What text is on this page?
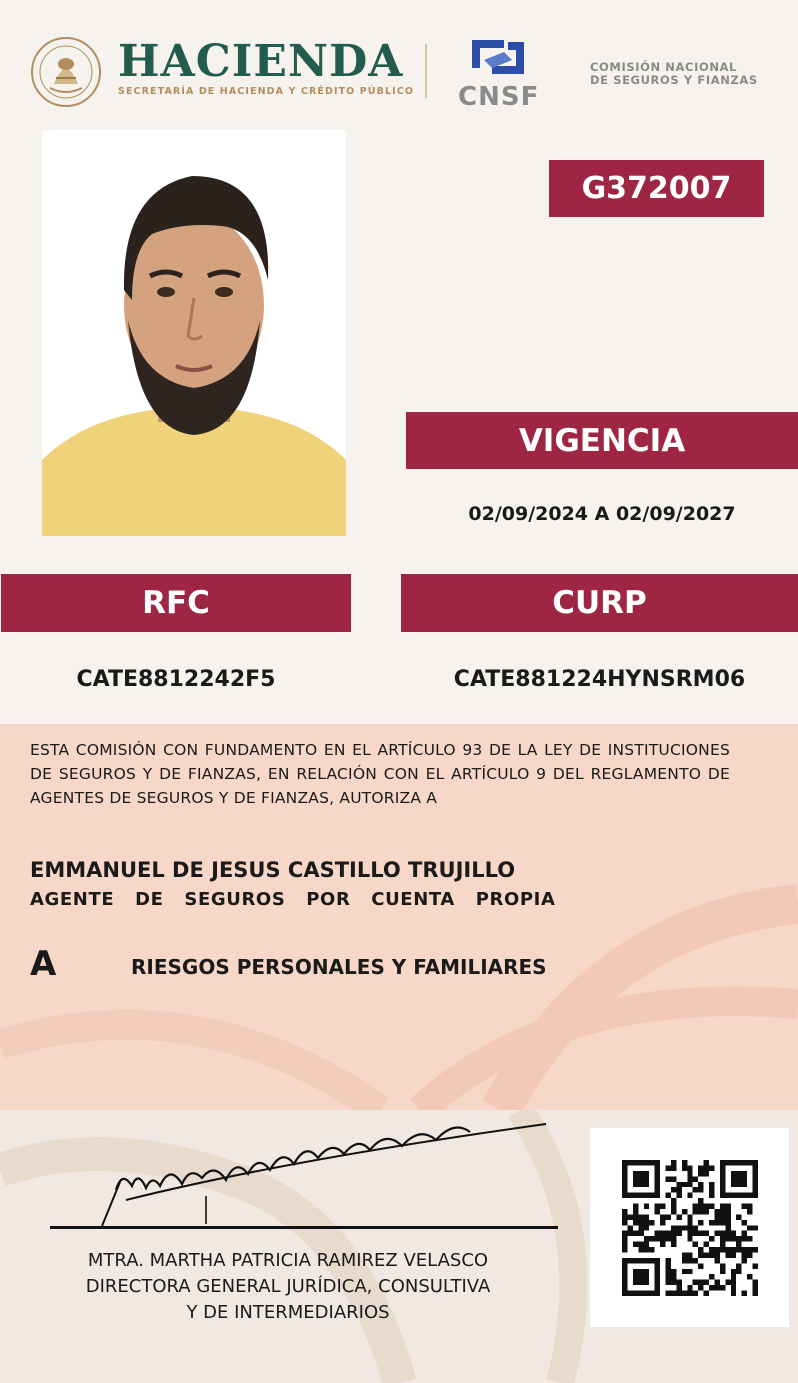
HACIENDA
SECRETARÍA DE HACIENDA Y CRÉDITO PÚBLICO CNSF
COMISIÓN NACIONAL
DE SEGUROS Y FIANZAS
G372007
VIGENCIA
02/09/2024 A 02/09/2027
RFC
CATE8812242F5
CURP
CATE881224HYNSRM06
ESTA COMISIÓN CON FUNDAMENTO EN EL ARTÍCULO 93 DE LA LEY DE INSTITUCIONES DE SEGUROS Y DE FIANZAS, EN RELACIÓN CON EL ARTÍCULO 9 DEL REGLAMENTO DE AGENTES DE SEGUROS Y DE FIANZAS, AUTORIZA A
EMMANUEL DE JESUS CASTILLO TRUJILLO
AGENTE DE SEGUROS POR CUENTA PROPIA
A	RIESGOS PERSONALES Y FAMILIARES
MTRA. MARTHA PATRICIA RAMIREZ VELASCO
DIRECTORA GENERAL JURÍDICA, CONSULTIVA
Y DE INTERMEDIARIOS
